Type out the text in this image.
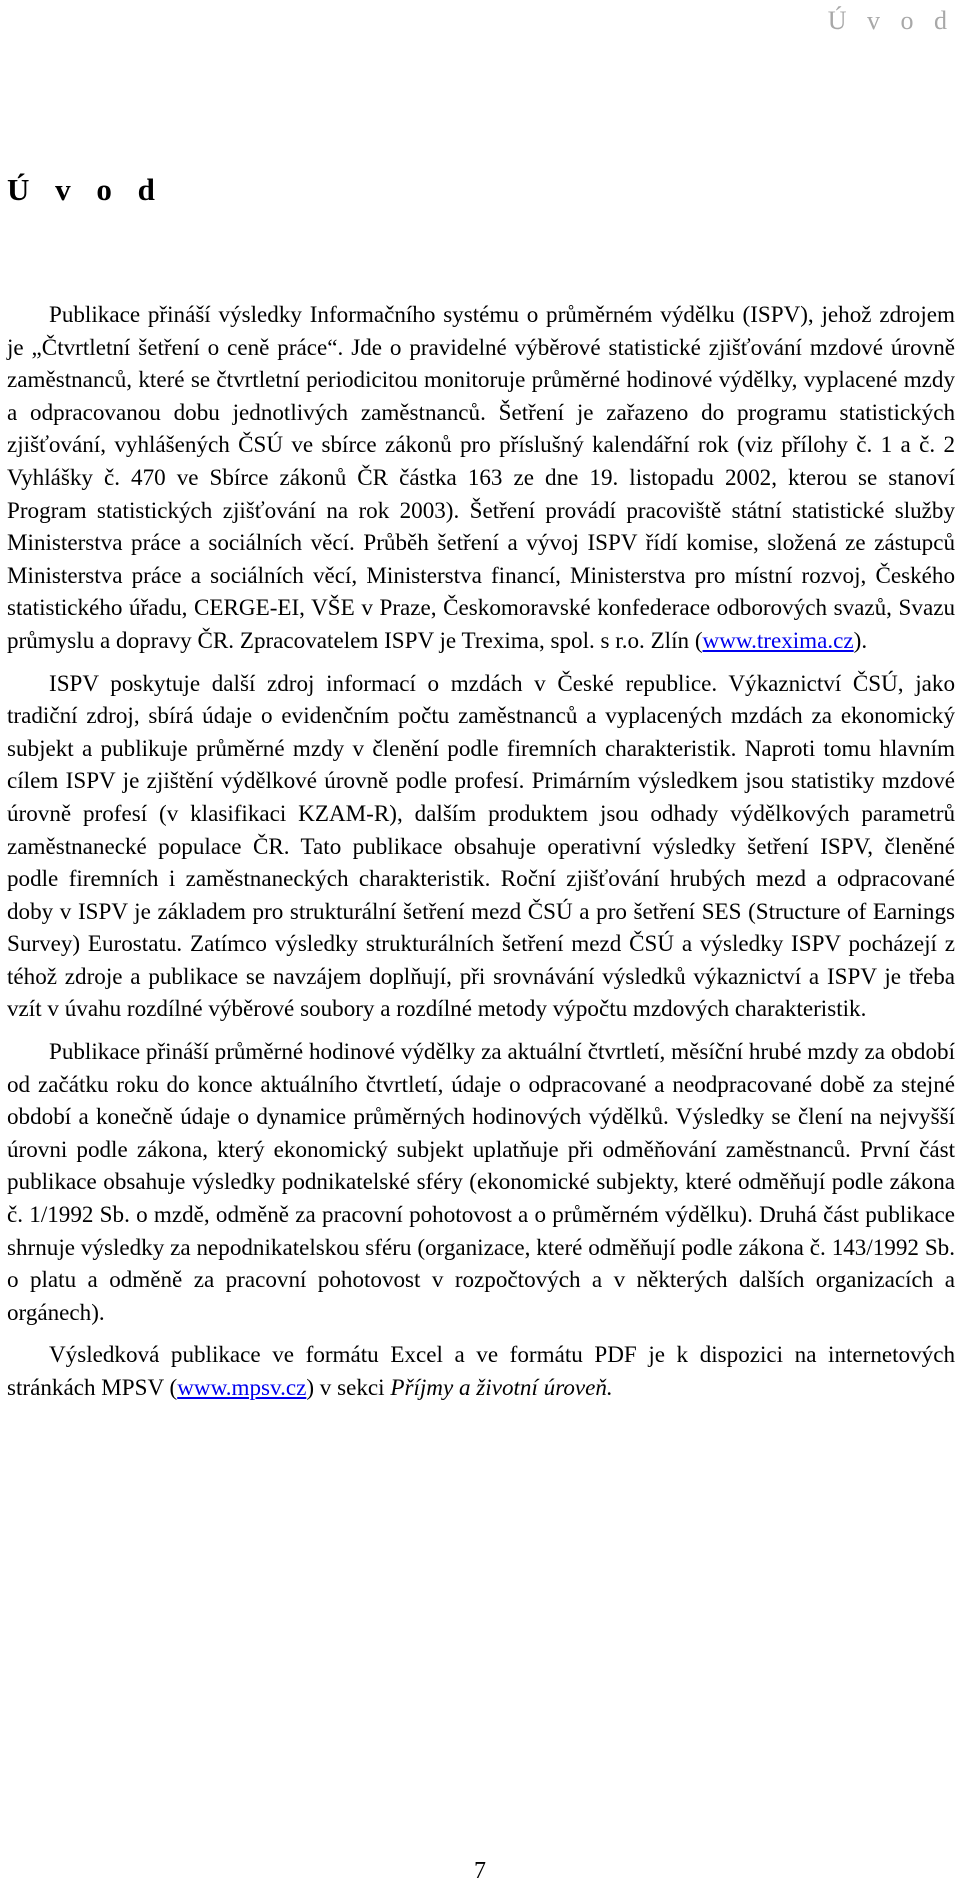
Ú v o d
Ú v o d

Publikace přináší výsledky Informačního systému o průměrném výdělku (ISPV), jehož zdrojem je „Čtvrtletní šetření o ceně práce“. Jde o pravidelné výběrové statistické zjišťování mzdové úrovně zaměstnanců, které se čtvrtletní periodicitou monitoruje průměrné hodinové výdělky, vyplacené mzdy a odpracovanou dobu jednotlivých zaměstnanců. Šetření je zařazeno do programu statistických zjišťování, vyhlášených ČSÚ ve sbírce zákonů pro příslušný kalendářní rok (viz přílohy č. 1 a č. 2 Vyhlášky č. 470 ve Sbírce zákonů ČR částka 163 ze dne 19. listopadu 2002, kterou se stanoví Program statistických zjišťování na rok 2003). Šetření provádí pracoviště státní statistické služby Ministerstva práce a sociálních věcí. Průběh šetření a vývoj ISPV řídí komise, složená ze zástupců Ministerstva práce a sociálních věcí, Ministerstva financí, Ministerstva pro místní rozvoj, Českého statistického úřadu, CERGE-EI, VŠE v Praze, Českomoravské konfederace odborových svazů, Svazu průmyslu a dopravy ČR. Zpracovatelem ISPV je Trexima, spol. s r.o. Zlín (www.trexima.cz).

ISPV poskytuje další zdroj informací o mzdách v České republice. Výkaznictví ČSÚ, jako tradiční zdroj, sbírá údaje o evidenčním počtu zaměstnanců a vyplacených mzdách za ekonomický subjekt a publikuje průměrné mzdy v členění podle firemních charakteristik. Naproti tomu hlavním cílem ISPV je zjištění výdělkové úrovně podle profesí. Primárním výsledkem jsou statistiky mzdové úrovně profesí (v klasifikaci KZAM-R), dalším produktem jsou odhady výdělkových parametrů zaměstnanecké populace ČR. Tato publikace obsahuje operativní výsledky šetření ISPV, členěné podle firemních i zaměstnaneckých charakteristik. Roční zjišťování hrubých mezd a odpracované doby v ISPV je základem pro strukturální šetření mezd ČSÚ a pro šetření SES (Structure of Earnings Survey) Eurostatu. Zatímco výsledky strukturálních šetření mezd ČSÚ a výsledky ISPV pocházejí z téhož zdroje a publikace se navzájem doplňují, při srovnávání výsledků výkaznictví a ISPV je třeba vzít v úvahu rozdílné výběrové soubory a rozdílné metody výpočtu mzdových charakteristik.

Publikace přináší průměrné hodinové výdělky za aktuální čtvrtletí, měsíční hrubé mzdy za období od začátku roku do konce aktuálního čtvrtletí, údaje o odpracované a neodpracované době za stejné období a konečně údaje o dynamice průměrných hodinových výdělků. Výsledky se člení na nejvyšší úrovni podle zákona, který ekonomický subjekt uplatňuje při odměňování zaměstnanců. První část publikace obsahuje výsledky podnikatelské sféry (ekonomické subjekty, které odměňují podle zákona č. 1/1992 Sb. o mzdě, odměně za pracovní pohotovost a o průměrném výdělku). Druhá část publikace shrnuje výsledky za nepodnikatelskou sféru (organizace, které odměňují podle zákona č. 143/1992 Sb. o platu a odměně za pracovní pohotovost v rozpočtových a v některých dalších organizacích a orgánech).

Výsledková publikace ve formátu Excel a ve formátu PDF je k dispozici na internetových stránkách MPSV (www.mpsv.cz) v sekci Příjmy a životní úroveň.

7
